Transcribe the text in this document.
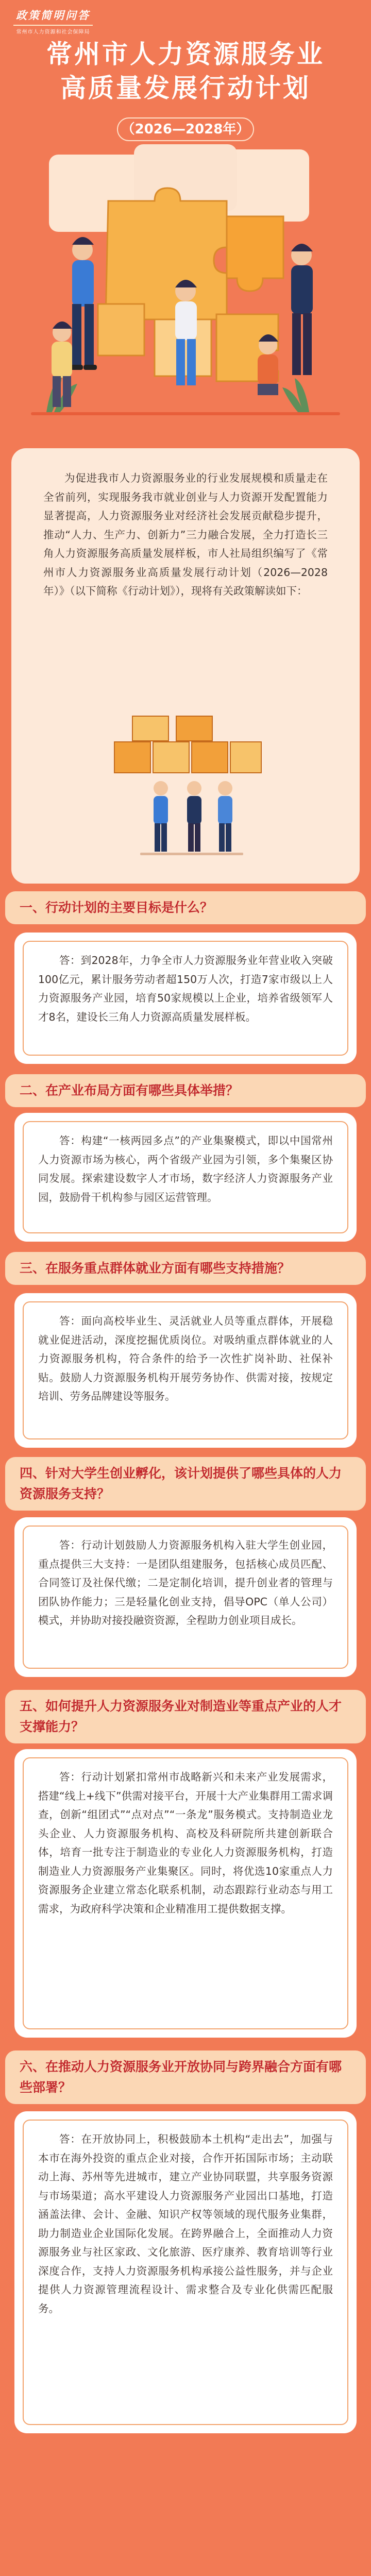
政策简明问答
常州市人力资源和社会保障局
常州市人力资源服务业
高质量发展行动计划
（2026—2028年）
为促进我市人力资源服务业的行业发展规模和质量走在全省前列，实现服务我市就业创业与人力资源开发配置能力显著提高，人力资源服务业对经济社会发展贡献稳步提升，推动“人力、生产力、创新力”三力融合发展，全力打造长三角人力资源服务高质量发展样板，市人社局组织编写了《常州市人力资源服务业高质量发展行动计划（2026—2028年）》（以下简称《行动计划》），现将有关政策解读如下：
一、行动计划的主要目标是什么？
答：到2028年，力争全市人力资源服务业年营业收入突破100亿元，累计服务劳动者超150万人次，打造7家市级以上人力资源服务产业园，培育50家规模以上企业，培养省级领军人才8名，建设长三角人力资源高质量发展样板。
二、在产业布局方面有哪些具体举措？
答：构建“一核两园多点”的产业集聚模式，即以中国常州人力资源市场为核心，两个省级产业园为引领，多个集聚区协同发展。探索建设数字人才市场，数字经济人力资源服务产业园，鼓励骨干机构参与园区运营管理。
三、在服务重点群体就业方面有哪些支持措施？
答：面向高校毕业生、灵活就业人员等重点群体，开展稳就业促进活动，深度挖掘优质岗位。对吸纳重点群体就业的人力资源服务机构，符合条件的给予一次性扩岗补助、社保补贴。鼓励人力资源服务机构开展劳务协作、供需对接，按规定培训、劳务品牌建设等服务。
四、针对大学生创业孵化，该计划提供了哪些具体的人力资源服务支持？
答：行动计划鼓励人力资源服务机构入驻大学生创业园，重点提供三大支持：一是团队组建服务，包括核心成员匹配、合同签订及社保代缴；二是定制化培训，提升创业者的管理与团队协作能力；三是轻量化创业支持，倡导OPC（单人公司）模式，并协助对接投融资资源，全程助力创业项目成长。
五、如何提升人力资源服务业对制造业等重点产业的人才支撑能力？
答：行动计划紧扣常州市战略新兴和未来产业发展需求，搭建“线上+线下”供需对接平台，开展十大产业集群用工需求调查，创新“组团式”“点对点”“一条龙”服务模式。支持制造业龙头企业、人力资源服务机构、高校及科研院所共建创新联合体，培育一批专注于制造业的专业化人力资源服务机构，打造制造业人力资源服务产业集聚区。同时，将优选10家重点人力资源服务企业建立常态化联系机制，动态跟踪行业动态与用工需求，为政府科学决策和企业精准用工提供数据支撑。
六、在推动人力资源服务业开放协同与跨界融合方面有哪些部署？
答：在开放协同上，积极鼓励本土机构“走出去”，加强与本市在海外投资的重点企业对接，合作开拓国际市场；主动联动上海、苏州等先进城市，建立产业协同联盟，共享服务资源与市场渠道；高水平建设人力资源服务产业园出口基地，打造涵盖法律、会计、金融、知识产权等领域的现代服务业集群，助力制造业企业国际化发展。在跨界融合上，全面推动人力资源服务业与社区家政、文化旅游、医疗康养、教育培训等行业深度合作，支持人力资源服务机构承接公益性服务，并与企业提供人力资源管理流程设计、需求整合及专业化供需匹配服务。
